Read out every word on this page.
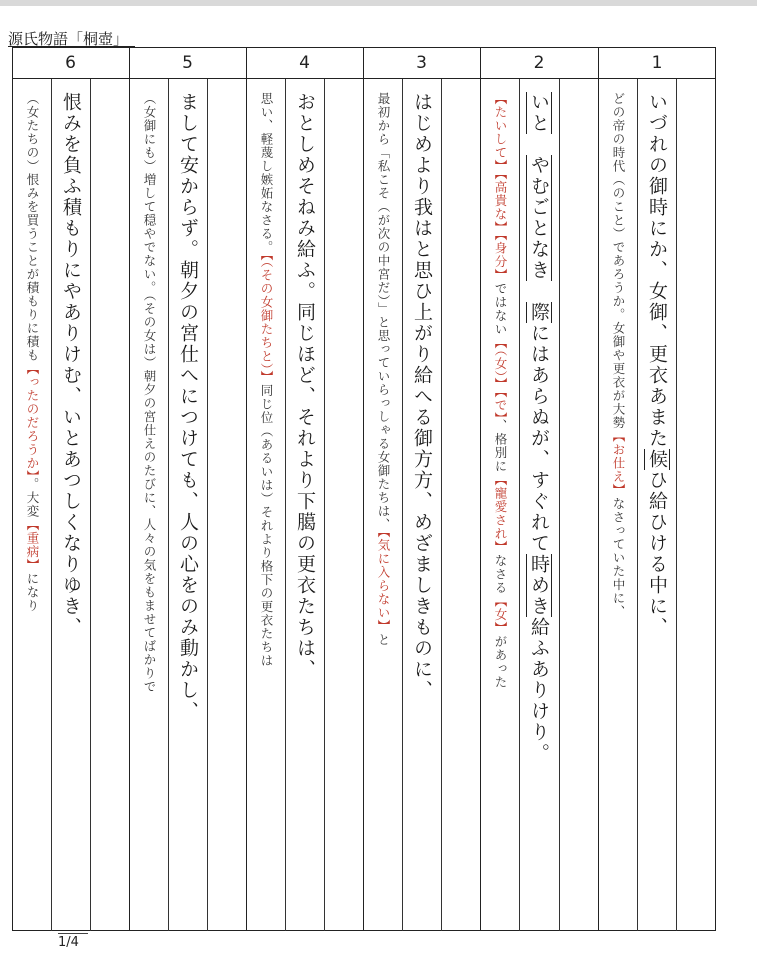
源氏物語「桐壺」
1
2
3
4
5
6
いづれの御時にか、女御、更衣あまた候ひ給ひける中に、
どの帝の時代（のこと）であろうか。女御や更衣が大勢【お仕え】なさっていた中に、
いと　やむごとなき　際にはあらぬが、すぐれて時めき給ふありけり。
【たいして】【高貴な】【身分】ではない【（女）】【で】、格別に【寵愛され】なさる【女】があった
はじめより我はと思ひ上がり給へる御方方、めざましきものに、
最初から「私こそ（が次の中宮だ）」と思っていらっしゃる女御たちは、【気に入らない】と
おとしめそねみ給ふ。同じほど、それより下臈の更衣たちは、
思い、軽蔑し嫉妬なさる。【（その女御たちと）】同じ位（あるいは）それより格下の更衣たちは
まして安からず。朝夕の宮仕へにつけても、人の心をのみ動かし、
（女御にも）増して穏やでない。（その女は）朝夕の宮仕えのたびに、人々の気をもませてばかりで
恨みを負ふ積もりにやありけむ、いとあつしくなりゆき、
（女たちの）恨みを買うことが積もりに積も【ったのだろうか】。大変【重病】になり
1/4
